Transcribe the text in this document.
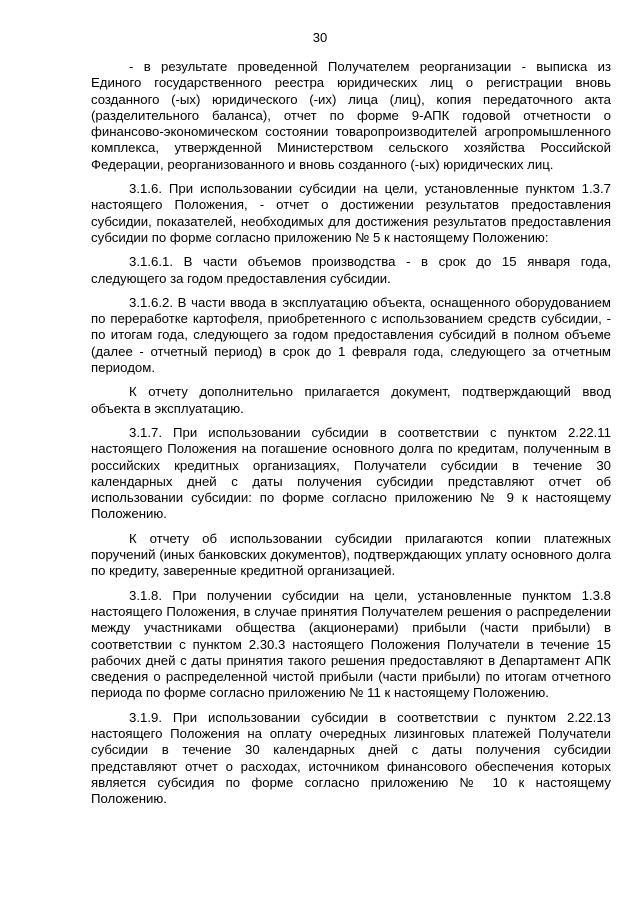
30

- в результате проведенной Получателем реорганизации - выписка из Единого государственного реестра юридических лиц о регистрации вновь созданного (-ых) юридического (-их) лица (лиц), копия передаточного акта (разделительного баланса), отчет по форме 9-АПК годовой отчетности о финансово-экономическом состоянии товаропроизводителей агропромышленного комплекса, утвержденной Министерством сельского хозяйства Российской Федерации, реорганизованного и вновь созданного (-ых) юридических лиц.

3.1.6. При использовании субсидии на цели, установленные пунктом 1.3.7 настоящего Положения, - отчет о достижении результатов предоставления субсидии, показателей, необходимых для достижения результатов предоставления субсидии по форме согласно приложению № 5 к настоящему Положению:

3.1.6.1. В части объемов производства - в срок до 15 января года, следующего за годом предоставления субсидии.

3.1.6.2. В части ввода в эксплуатацию объекта, оснащенного оборудованием по переработке картофеля, приобретенного с использованием средств субсидии, - по итогам года, следующего за годом предоставления субсидий в полном объеме (далее - отчетный период) в срок до 1 февраля года, следующего за отчетным периодом.

К отчету дополнительно прилагается документ, подтверждающий ввод объекта в эксплуатацию.

3.1.7. При использовании субсидии в соответствии с пунктом 2.22.11 настоящего Положения на погашение основного долга по кредитам, полученным в российских кредитных организациях, Получатели субсидии в течение 30 календарных дней с даты получения субсидии представляют отчет об использовании субсидии: по форме согласно приложению № 9 к настоящему Положению.

К отчету об использовании субсидии прилагаются копии платежных поручений (иных банковских документов), подтверждающих уплату основного долга по кредиту, заверенные кредитной организацией.

3.1.8. При получении субсидии на цели, установленные пунктом 1.3.8 настоящего Положения, в случае принятия Получателем решения о распределении между участниками общества (акционерами) прибыли (части прибыли) в соответствии с пунктом 2.30.3 настоящего Положения Получатели в течение 15 рабочих дней с даты принятия такого решения предоставляют в Департамент АПК сведения о распределенной чистой прибыли (части прибыли) по итогам отчетного периода по форме согласно приложению № 11 к настоящему Положению.

3.1.9. При использовании субсидии в соответствии с пунктом 2.22.13 настоящего Положения на оплату очередных лизинговых платежей Получатели субсидии в течение 30 календарных дней с даты получения субсидии представляют отчет о расходах, источником финансового обеспечения которых является субсидия по форме согласно приложению № 10 к настоящему Положению.
